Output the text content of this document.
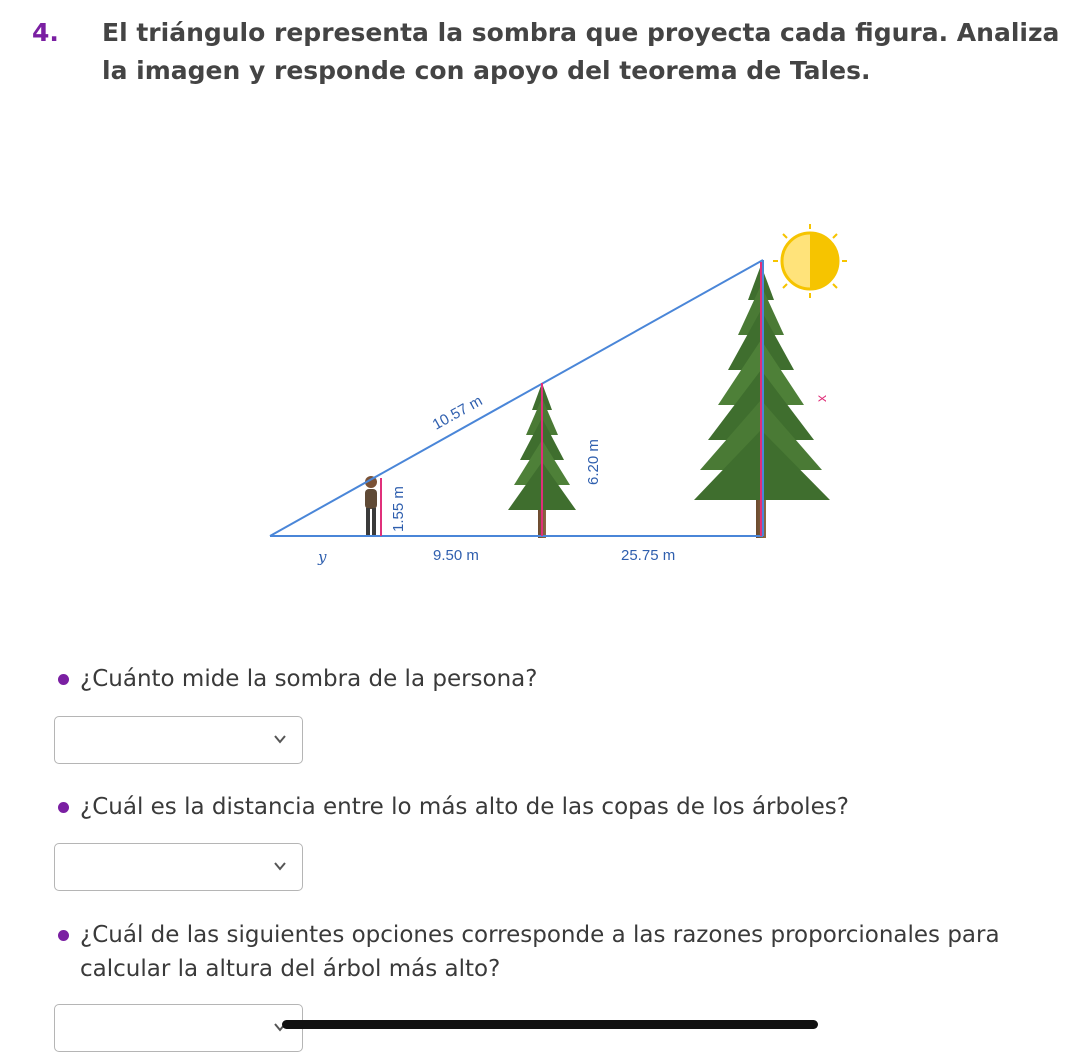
4. El triángulo representa la sombra que proyecta cada figura. Analiza la imagen y responde con apoyo del teorema de Tales.
10.57 m
1.55 m
6.20 m
x
y	9.50 m	25.75 m
¿Cuánto mide la sombra de la persona?
¿Cuál es la distancia entre lo más alto de las copas de los árboles?
¿Cuál de las siguientes opciones corresponde a las razones proporcionales para calcular la altura del árbol más alto?
